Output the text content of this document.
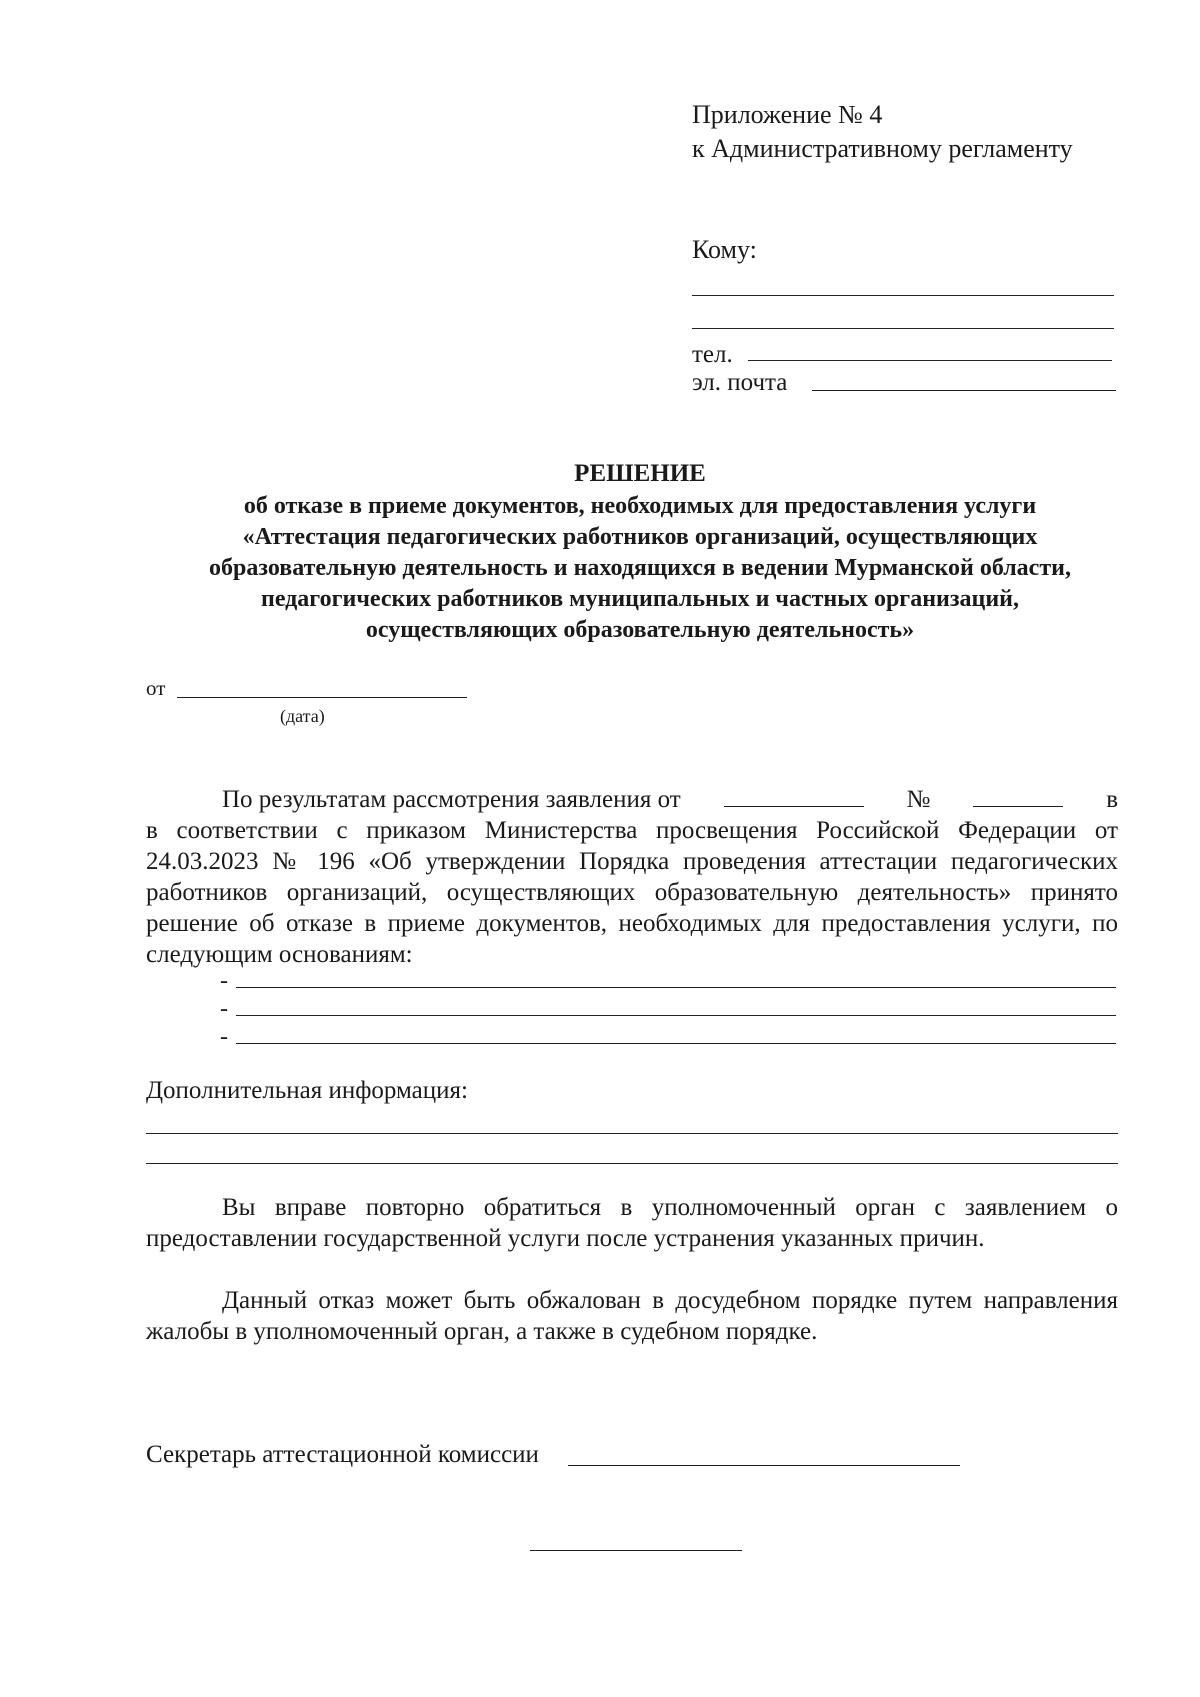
Приложение № 4
к Административному регламенту
Кому:
тел.
эл. почта
РЕШЕНИЕ
об отказе в приеме документов, необходимых для предоставления услуги
«Аттестация педагогических работников организаций, осуществляющих
образовательную деятельность и находящихся в ведении Мурманской области,
педагогических работников муниципальных и частных организаций,
осуществляющих образовательную деятельность»
от
(дата)
По результатам рассмотрения заявления от	№	в
в соответствии с приказом Министерства просвещения Российской Федерации от 24.03.2023 № 196 «Об утверждении Порядка проведения аттестации педагогических работников организаций, осуществляющих образовательную деятельность» принято решение об отказе в приеме документов, необходимых для предоставления услуги, по следующим основаниям:
-
-
-
Дополнительная информация:
Вы вправе повторно обратиться в уполномоченный орган с заявлением о предоставлении государственной услуги после устранения указанных причин.
Данный отказ может быть обжалован в досудебном порядке путем направления жалобы в уполномоченный орган, а также в судебном порядке.
Секретарь аттестационной комиссии
